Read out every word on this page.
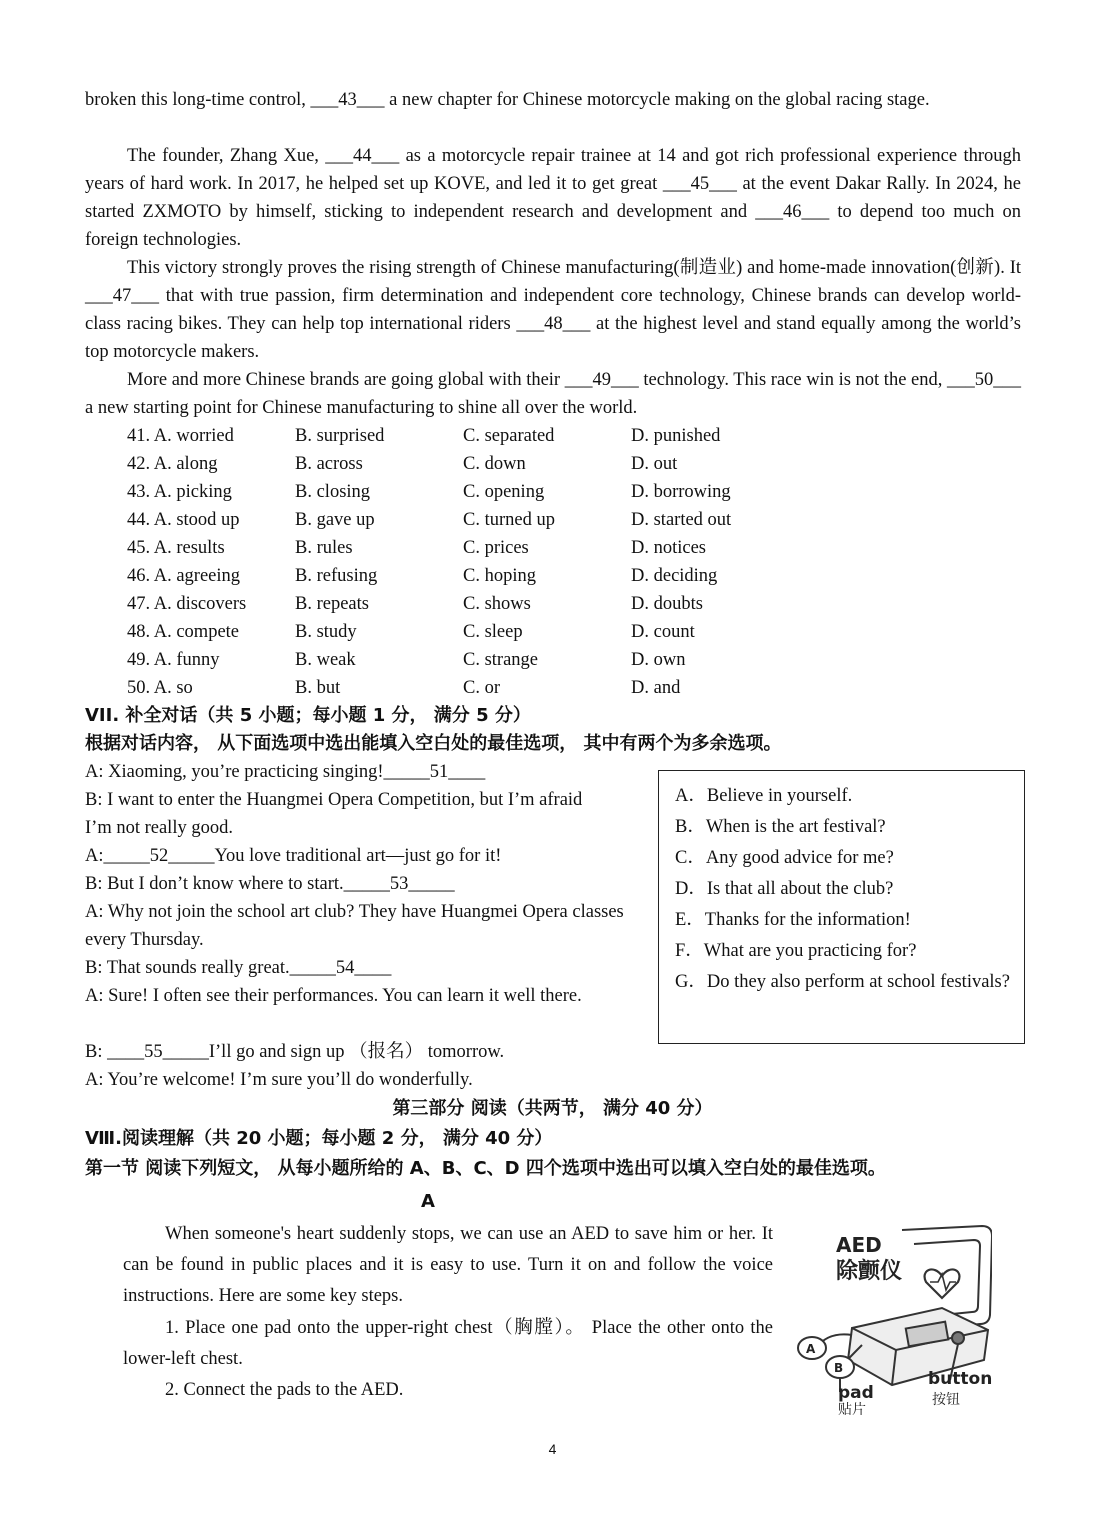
broken this long-time control, ___43___ a new chapter for Chinese motorcycle making on the global racing stage.

The founder, Zhang Xue, ___44___ as a motorcycle repair trainee at 14 and got rich professional experience through years of hard work. In 2017, he helped set up KOVE, and led it to get great ___45___ at the event Dakar Rally. In 2024, he started ZXMOTO by himself, sticking to independent research and development and ___46___ to depend too much on foreign technologies.

This victory strongly proves the rising strength of Chinese manufacturing(制造业) and home-made innovation(创新). It ___47___ that with true passion, firm determination and independent core technology, Chinese brands can develop world-class racing bikes. They can help top international riders ___48___ at the highest level and stand equally among the world’s top motorcycle makers.

More and more Chinese brands are going global with their ___49___ technology. This race win is not the end, ___50___ a new starting point for Chinese manufacturing to shine all over the world.

41. A. worried	B. surprised	C. separated	D. punished
42. A. along	B. across	C. down	D. out
43. A. picking	B. closing	C. opening	D. borrowing
44. A. stood up	B. gave up	C. turned up	D. started out
45. A. results	B. rules	C. prices	D. notices
46. A. agreeing	B. refusing	C. hoping	D. deciding
47. A. discovers	B. repeats	C. shows	D. doubts
48. A. compete	B. study	C. sleep	D. count
49. A. funny	B. weak	C. strange	D. own
50. A. so	B. but	C. or	D. and
VII. 补全对话（共 5 小题；每小题 1 分， 满分 5 分）
根据对话内容， 从下面选项中选出能填入空白处的最佳选项， 其中有两个为多余选项。

A: Xiaoming, you’re practicing singing!_____51____

B: I want to enter the Huangmei Opera Competition, but I’m afraid I’m not really good.

A:_____52_____You love traditional art—just go for it!

B: But I don’t know where to start._____53_____

A: Why not join the school art club? They have Huangmei Opera classes every Thursday.

B: That sounds really great._____54____

A: Sure! I often see their performances. You can learn it well there.

B: ____55_____I’ll go and sign up （报名） tomorrow.

A: You’re welcome! I’m sure you’ll do wonderfully.

A．Believe in yourself.

B．When is the art festival?

C．Any good advice for me?

D．Is that all about the club?

E．Thanks for the information!

F．What are you practicing for?

G．Do they also perform at school festivals?

第三部分 阅读（共两节， 满分 40 分）
Ⅷ.阅读理解（共 20 小题；每小题 2 分， 满分 40 分）
第一节 阅读下列短文， 从每小题所给的 A、B、C、D 四个选项中选出可以填入空白处的最佳选项。
A

When someone's heart suddenly stops, we can use an AED to save him or her. It can be found in public places and it is easy to use. Turn it on and follow the voice instructions. Here are some key steps.

1. Place one pad onto the upper-right chest（胸膛）。 Place the other onto the lower-left chest.

2. Connect the pads to the AED.

A
B
AED
除颤仪
pad
贴片
button
按钮
4
